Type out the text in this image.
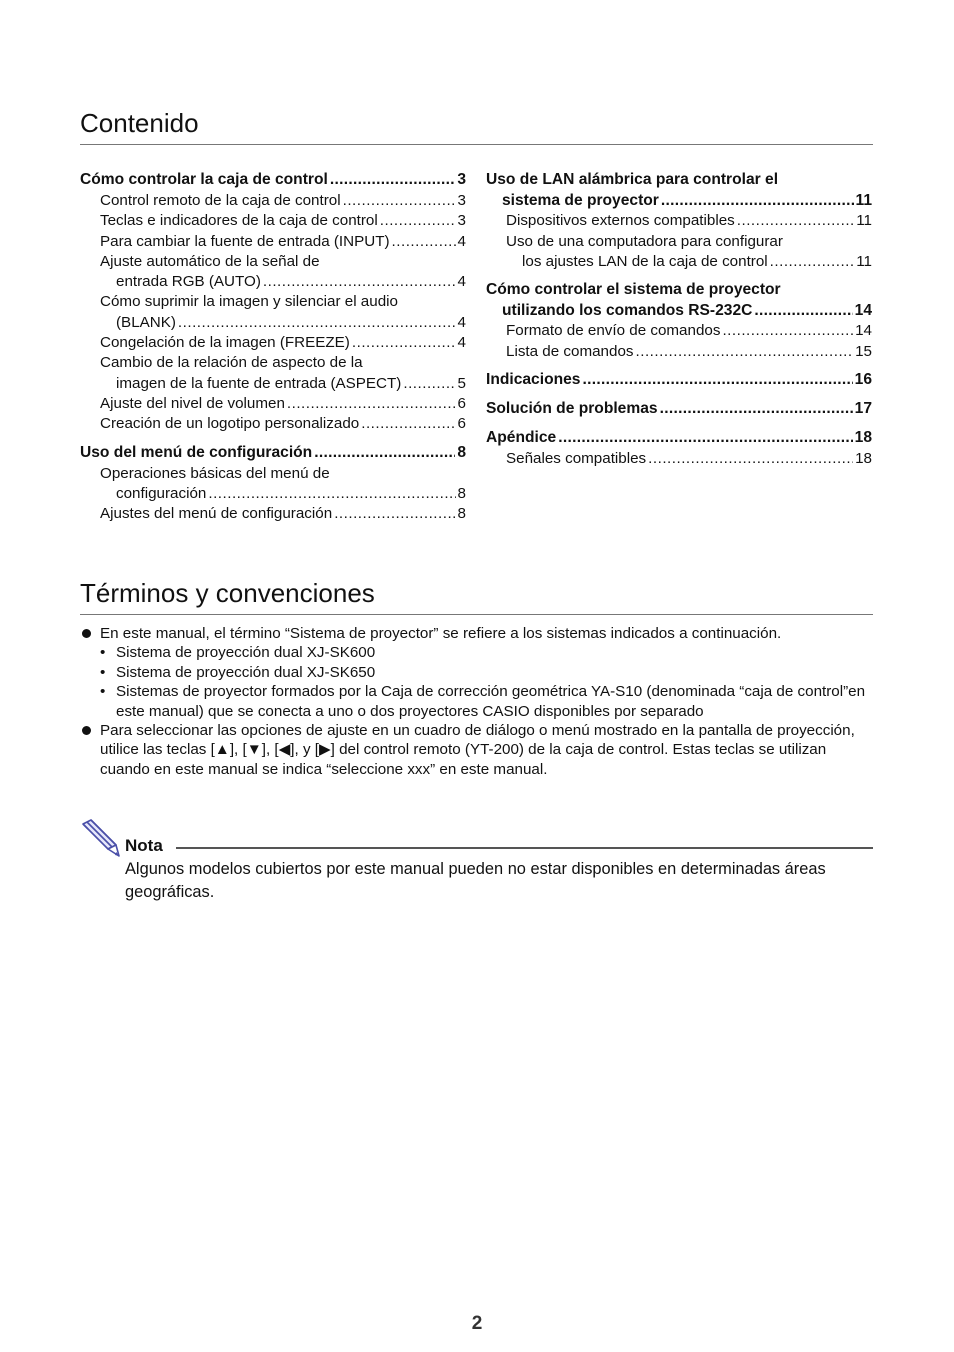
Contenido
Cómo controlar la caja de control .....	3
Control remoto de la caja de control .....	3
Teclas e indicadores de la caja de control .....	3
Para cambiar la fuente de entrada (INPUT) .....	4
Ajuste automático de la señal de
entrada RGB (AUTO) .....	4
Cómo suprimir la imagen y silenciar el audio
(BLANK) .....	4
Congelación de la imagen (FREEZE) .....	4
Cambio de la relación de aspecto de la
imagen de la fuente de entrada (ASPECT) .....	5
Ajuste del nivel de volumen .....	6
Creación de un logotipo personalizado .....	6
Uso del menú de configuración .....	8
Operaciones básicas del menú de
configuración .....	8
Ajustes del menú de configuración .....	8
Uso de LAN alámbrica para controlar el
sistema de proyector .....	11
Dispositivos externos compatibles .....	11
Uso de una computadora para configurar
los ajustes LAN de la caja de control .....	11
Cómo controlar el sistema de proyector
utilizando los comandos RS-232C .....	14
Formato de envío de comandos .....	14
Lista de comandos .....	15
Indicaciones .....	16
Solución de problemas .....	17
Apéndice .....	18
Señales compatibles .....	18
Términos y convenciones
En este manual, el término “Sistema de proyector” se refiere a los sistemas indicados a continuación.
• Sistema de proyección dual XJ-SK600
• Sistema de proyección dual XJ-SK650
• Sistemas de proyector formados por la Caja de corrección geométrica YA-S10 (denominada “caja de control”en este manual) que se conecta a uno o dos proyectores CASIO disponibles por separado
Para seleccionar las opciones de ajuste en un cuadro de diálogo o menú mostrado en la pantalla de proyección, utilice las teclas [▲], [▼], [◀], y [▶] del control remoto (YT-200) de la caja de control. Estas teclas se utilizan cuando en este manual se indica “seleccione xxx” en este manual.
Nota
Algunos modelos cubiertos por este manual pueden no estar disponibles en determinadas áreas geográficas.
2
